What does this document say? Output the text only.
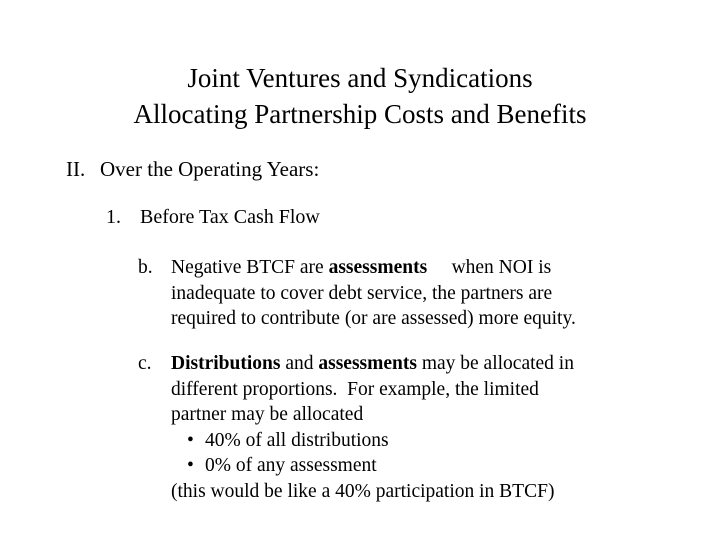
Joint Ventures and Syndications
Allocating Partnership Costs and Benefits
II. Over the Operating Years:
1. Before Tax Cash Flow
b. Negative BTCF are assessments     when NOI is
inadequate to cover debt service, the partners are
required to contribute (or are assessed) more equity.
c. Distributions and assessments may be allocated in
different proportions.  For example, the limited
partner may be allocated
• 40% of all distributions
• 0% of any assessment
(this would be like a 40% participation in BTCF)
